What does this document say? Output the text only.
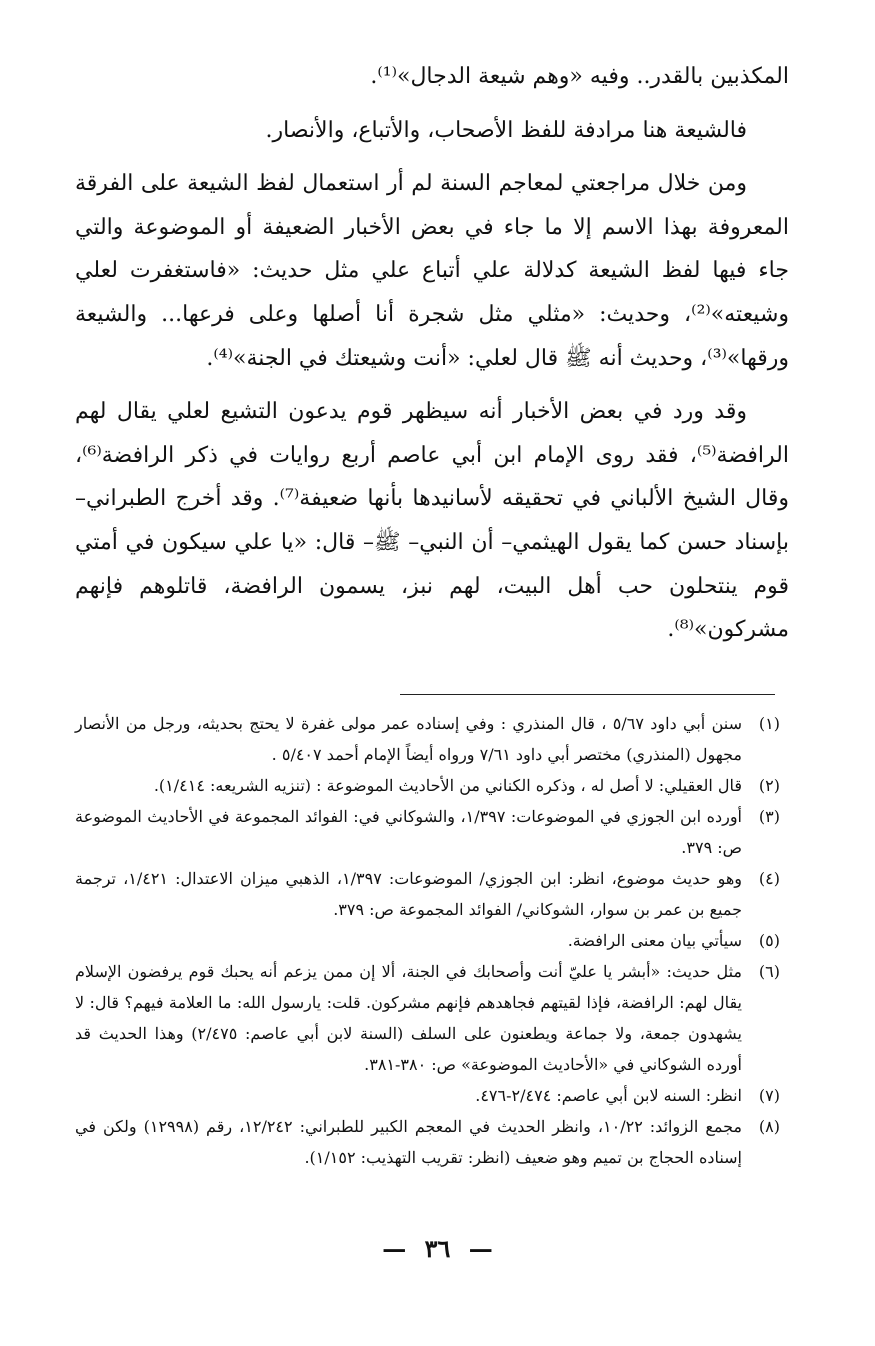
المكذبين بالقدر.. وفيه «وهم شيعة الدجال»⁽¹⁾.

فالشيعة هنا مرادفة للفظ الأصحاب، والأتباع، والأنصار.

ومن خلال مراجعتي لمعاجم السنة لم أر استعمال لفظ الشيعة على الفرقة المعروفة بهذا الاسم إلا ما جاء في بعض الأخبار الضعيفة أو الموضوعة والتي جاء فيها لفظ الشيعة كدلالة علي أتباع علي مثل حديث: «فاستغفرت لعلي وشيعته»⁽²⁾، وحديث: «مثلي مثل شجرة أنا أصلها وعلى فرعها... والشيعة ورقها»⁽³⁾، وحديث أنه ﷺ قال لعلي: «أنت وشيعتك في الجنة»⁽⁴⁾.

وقد ورد في بعض الأخبار أنه سيظهر قوم يدعون التشيع لعلي يقال لهم الرافضة⁽⁵⁾، فقد روى الإمام ابن أبي عاصم أربع روايات في ذكر الرافضة⁽⁶⁾، وقال الشيخ الألباني في تحقيقه لأسانيدها بأنها ضعيفة⁽⁷⁾. وقد أخرج الطبراني– بإسناد حسن كما يقول الهيثمي– أن النبي– ﷺ– قال: «يا علي سيكون في أمتي قوم ينتحلون حب أهل البيت، لهم نبز، يسمون الرافضة، قاتلوهم فإنهم مشركون»⁽⁸⁾.

(١)
سنن أبي داود ٥/٦٧ ، قال المنذري : وفي إسناده عمر مولى غفرة لا يحتج بحديثه، ورجل من الأنصار مجهول (المنذري) مختصر أبي داود ٧/٦١ ورواه أيضاً الإمام أحمد ٥/٤٠٧ .
(٢)
قال العقيلي: لا أصل له ، وذكره الكناني من الأحاديث الموضوعة : (تنزيه الشريعه: ١/٤١٤).
(٣)
أورده ابن الجوزي في الموضوعات: ١/٣٩٧، والشوكاني في: الفوائد المجموعة في الأحاديث الموضوعة ص: ٣٧٩.
(٤)
وهو حديث موضوع، انظر: ابن الجوزي/ الموضوعات: ١/٣٩٧، الذهبي ميزان الاعتدال: ١/٤٢١، ترجمة جميع بن عمر بن سوار، الشوكاني/ الفوائد المجموعة ص: ٣٧٩.
(٥)
سيأتي بيان معنى الرافضة.
(٦)
مثل حديث: «أبشر يا عليّ أنت وأصحابك في الجنة، ألا إن ممن يزعم أنه يحبك قوم يرفضون الإسلام يقال لهم: الرافضة، فإذا لقيتهم فجاهدهم فإنهم مشركون. قلت: يارسول الله: ما العلامة فيهم؟ قال: لا يشهدون جمعة، ولا جماعة ويطعنون على السلف (السنة لابن أبي عاصم: ٢/٤٧٥) وهذا الحديث قد أورده الشوكاني في «الأحاديث الموضوعة» ص: ٣٨٠-٣٨١.
(٧)
انظر: السنه لابن أبي عاصم: ٢/٤٧٤-٤٧٦.
(٨)
مجمع الزوائد: ١٠/٢٢، وانظر الحديث في المعجم الكبير للطبراني: ١٢/٢٤٢، رقم (١٢٩٩٨) ولكن في إسناده الحجاج بن تميم وهو ضعيف (انظر: تقريب التهذيب: ١/١٥٢).
— ٣٦ —
